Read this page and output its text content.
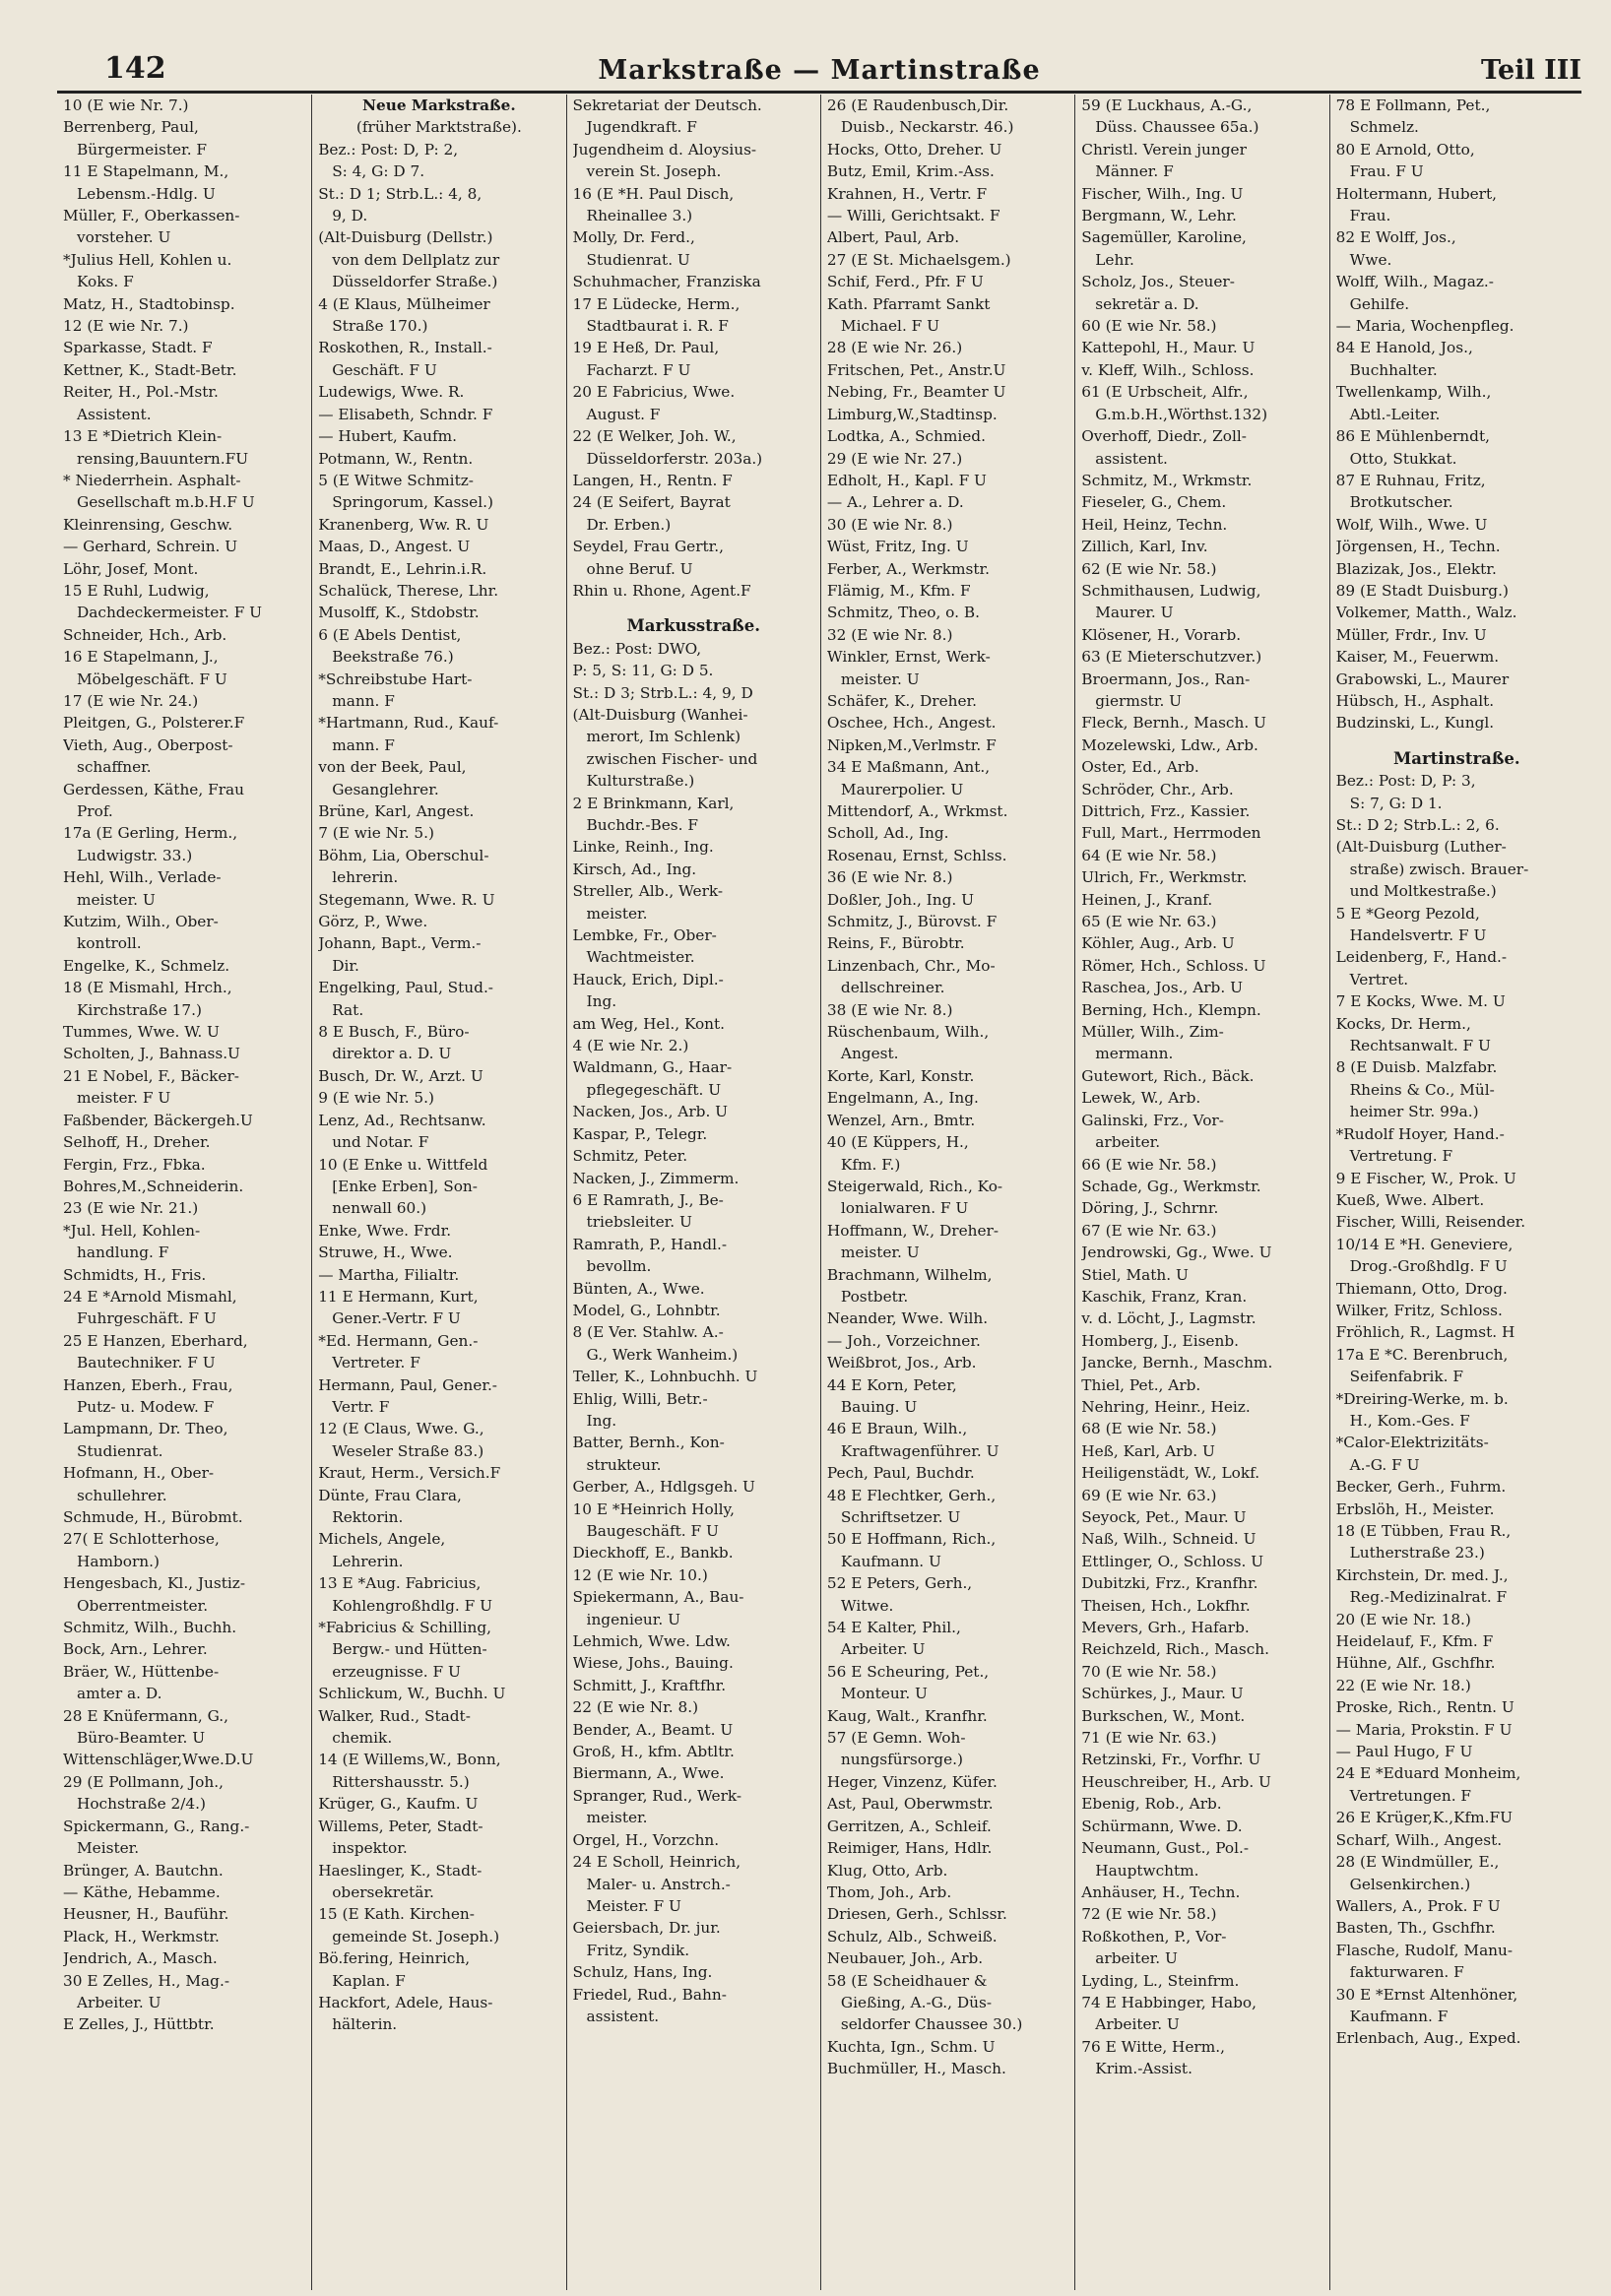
142	Markstraße — Martinstraße	Teil III
10 (E wie Nr. 7.)
Berrenberg, Paul,
Bürgermeister. F
11 E Stapelmann, M.,
Lebensm.-Hdlg. U
Müller, F., Oberkassen-
vorsteher. U
*Julius Hell, Kohlen u.
Koks. F
Matz, H., Stadtobinsp.
12 (E wie Nr. 7.)
Sparkasse, Stadt. F
Kettner, K., Stadt-Betr.
Reiter, H., Pol.-Mstr.
Assistent.
13 E *Dietrich Klein-
rensing,Bauuntern.FU
* Niederrhein. Asphalt-
Gesellschaft m.b.H.F U
Kleinrensing, Geschw.
— Gerhard, Schrein. U
Löhr, Josef, Mont.
15 E Ruhl, Ludwig,
Dachdeckermeister. F U
Schneider, Hch., Arb.
16 E Stapelmann, J.,
Möbelgeschäft. F U
17 (E wie Nr. 24.)
Pleitgen, G., Polsterer.F
Vieth, Aug., Oberpost-
schaffner.
Gerdessen, Käthe, Frau
Prof.
17a (E Gerling, Herm.,
Ludwigstr. 33.)
Hehl, Wilh., Verlade-
meister. U
Kutzim, Wilh., Ober-
kontroll.
Engelke, K., Schmelz.
18 (E Mismahl, Hrch.,
Kirchstraße 17.)
Tummes, Wwe. W. U
Scholten, J., Bahnass.U
21 E Nobel, F., Bäcker-
meister. F U
Faßbender, Bäckergeh.U
Selhoff, H., Dreher.
Fergin, Frz., Fbka.
Bohres,M.,Schneiderin.
23 (E wie Nr. 21.)
*Jul. Hell, Kohlen-
handlung. F
Schmidts, H., Fris.
24 E *Arnold Mismahl,
Fuhrgeschäft. F U
25 E Hanzen, Eberhard,
Bautechniker. F U
Hanzen, Eberh., Frau,
Putz- u. Modew. F
Lampmann, Dr. Theo,
Studienrat.
Hofmann, H., Ober-
schullehrer.
Schmude, H., Bürobmt.
27( E Schlotterhose,
Hamborn.)
Hengesbach, Kl., Justiz-
Oberrentmeister.
Schmitz, Wilh., Buchh.
Bock, Arn., Lehrer.
Bräer, W., Hüttenbe-
amter a. D.
28 E Knüfermann, G.,
Büro-Beamter. U
Wittenschläger,Wwe.D.U
29 (E Pollmann, Joh.,
Hochstraße 2/4.)
Spickermann, G., Rang.-
Meister.
Brünger, A. Bautchn.
— Käthe, Hebamme.
Heusner, H., Bauführ.
Plack, H., Werkmstr.
Jendrich, A., Masch.
30 E Zelles, H., Mag.-
Arbeiter. U
E Zelles, J., Hüttbtr.
Neue Markstraße.
(früher Marktstraße).
Bez.: Post: D, P: 2,
S: 4, G: D 7.
St.: D 1; Strb.L.: 4, 8,
9, D.
(Alt-Duisburg (Dellstr.)
von dem Dellplatz zur
Düsseldorfer Straße.)
4 (E Klaus, Mülheimer
Straße 170.)
Roskothen, R., Install.-
Geschäft. F U
Ludewigs, Wwe. R.
— Elisabeth, Schndr. F
— Hubert, Kaufm.
Potmann, W., Rentn.
5 (E Witwe Schmitz-
Springorum, Kassel.)
Kranenberg, Ww. R. U
Maas, D., Angest. U
Brandt, E., Lehrin.i.R.
Schalück, Therese, Lhr.
Musolff, K., Stdobstr.
6 (E Abels Dentist,
Beekstraße 76.)
*Schreibstube Hart-
mann. F
*Hartmann, Rud., Kauf-
mann. F
von der Beek, Paul,
Gesanglehrer.
Brüne, Karl, Angest.
7 (E wie Nr. 5.)
Böhm, Lia, Oberschul-
lehrerin.
Stegemann, Wwe. R. U
Görz, P., Wwe.
Johann, Bapt., Verm.-
Dir.
Engelking, Paul, Stud.-
Rat.
8 E Busch, F., Büro-
direktor a. D. U
Busch, Dr. W., Arzt. U
9 (E wie Nr. 5.)
Lenz, Ad., Rechtsanw.
und Notar. F
10 (E Enke u. Wittfeld
[Enke Erben], Son-
nenwall 60.)
Enke, Wwe. Frdr.
Struwe, H., Wwe.
— Martha, Filialtr.
11 E Hermann, Kurt,
Gener.-Vertr. F U
*Ed. Hermann, Gen.-
Vertreter. F
Hermann, Paul, Gener.-
Vertr. F
12 (E Claus, Wwe. G.,
Weseler Straße 83.)
Kraut, Herm., Versich.F
Dünte, Frau Clara,
Rektorin.
Michels, Angele,
Lehrerin.
13 E *Aug. Fabricius,
Kohlengroßhdlg. F U
*Fabricius & Schilling,
Bergw.- und Hütten-
erzeugnisse. F U
Schlickum, W., Buchh. U
Walker, Rud., Stadt-
chemik.
14 (E Willems,W., Bonn,
Rittershausstr. 5.)
Krüger, G., Kaufm. U
Willems, Peter, Stadt-
inspektor.
Haeslinger, K., Stadt-
obersekretär.
15 (E Kath. Kirchen-
gemeinde St. Joseph.)
Bö.fering, Heinrich,
Kaplan. F
Hackfort, Adele, Haus-
hälterin.
Sekretariat der Deutsch.
Jugendkraft. F
Jugendheim d. Aloysius-
verein St. Joseph.
16 (E *H. Paul Disch,
Rheinallee 3.)
Molly, Dr. Ferd.,
Studienrat. U
Schuhmacher, Franziska
17 E Lüdecke, Herm.,
Stadtbaurat i. R. F
19 E Heß, Dr. Paul,
Facharzt. F U
20 E Fabricius, Wwe.
August. F
22 (E Welker, Joh. W.,
Düsseldorferstr. 203a.)
Langen, H., Rentn. F
24 (E Seifert, Bayrat
Dr. Erben.)
Seydel, Frau Gertr.,
ohne Beruf. U
Rhin u. Rhone, Agent.F
Markusstraße.
Bez.: Post: DWO,
P: 5, S: 11, G: D 5.
St.: D 3; Strb.L.: 4, 9, D
(Alt-Duisburg (Wanhei-
merort, Im Schlenk)
zwischen Fischer- und
Kulturstraße.)
2 E Brinkmann, Karl,
Buchdr.-Bes. F
Linke, Reinh., Ing.
Kirsch, Ad., Ing.
Streller, Alb., Werk-
meister.
Lembke, Fr., Ober-
Wachtmeister.
Hauck, Erich, Dipl.-
Ing.
am Weg, Hel., Kont.
4 (E wie Nr. 2.)
Waldmann, G., Haar-
pflegegeschäft. U
Nacken, Jos., Arb. U
Kaspar, P., Telegr.
Schmitz, Peter.
Nacken, J., Zimmerm.
6 E Ramrath, J., Be-
triebsleiter. U
Ramrath, P., Handl.-
bevollm.
Bünten, A., Wwe.
Model, G., Lohnbtr.
8 (E Ver. Stahlw. A.-
G., Werk Wanheim.)
Teller, K., Lohnbuchh. U
Ehlig, Willi, Betr.-
Ing.
Batter, Bernh., Kon-
strukteur.
Gerber, A., Hdlgsgeh. U
10 E *Heinrich Holly,
Baugeschäft. F U
Dieckhoff, E., Bankb.
12 (E wie Nr. 10.)
Spiekermann, A., Bau-
ingenieur. U
Lehmich, Wwe. Ldw.
Wiese, Johs., Bauing.
Schmitt, J., Kraftfhr.
22 (E wie Nr. 8.)
Bender, A., Beamt. U
Groß, H., kfm. Abtltr.
Biermann, A., Wwe.
Spranger, Rud., Werk-
meister.
Orgel, H., Vorzchn.
24 E Scholl, Heinrich,
Maler- u. Anstrch.-
Meister. F U
Geiersbach, Dr. jur.
Fritz, Syndik.
Schulz, Hans, Ing.
Friedel, Rud., Bahn-
assistent.
26 (E Raudenbusch,Dir.
Duisb., Neckarstr. 46.)
Hocks, Otto, Dreher. U
Butz, Emil, Krim.-Ass.
Krahnen, H., Vertr. F
— Willi, Gerichtsakt. F
Albert, Paul, Arb.
27 (E St. Michaelsgem.)
Schif, Ferd., Pfr. F U
Kath. Pfarramt Sankt
Michael. F U
28 (E wie Nr. 26.)
Fritschen, Pet., Anstr.U
Nebing, Fr., Beamter U
Limburg,W.,Stadtinsp.
Lodtka, A., Schmied.
29 (E wie Nr. 27.)
Edholt, H., Kapl. F U
— A., Lehrer a. D.
30 (E wie Nr. 8.)
Wüst, Fritz, Ing. U
Ferber, A., Werkmstr.
Flämig, M., Kfm. F
Schmitz, Theo, o. B.
32 (E wie Nr. 8.)
Winkler, Ernst, Werk-
meister. U
Schäfer, K., Dreher.
Oschee, Hch., Angest.
Nipken,M.,Verlmstr. F
34 E Maßmann, Ant.,
Maurerpolier. U
Mittendorf, A., Wrkmst.
Scholl, Ad., Ing.
Rosenau, Ernst, Schlss.
36 (E wie Nr. 8.)
Doßler, Joh., Ing. U
Schmitz, J., Bürovst. F
Reins, F., Bürobtr.
Linzenbach, Chr., Mo-
dellschreiner.
38 (E wie Nr. 8.)
Rüschenbaum, Wilh.,
Angest.
Korte, Karl, Konstr.
Engelmann, A., Ing.
Wenzel, Arn., Bmtr.
40 (E Küppers, H.,
Kfm. F.)
Steigerwald, Rich., Ko-
lonialwaren. F U
Hoffmann, W., Dreher-
meister. U
Brachmann, Wilhelm,
Postbetr.
Neander, Wwe. Wilh.
— Joh., Vorzeichner.
Weißbrot, Jos., Arb.
44 E Korn, Peter,
Bauing. U
46 E Braun, Wilh.,
Kraftwagenführer. U
Pech, Paul, Buchdr.
48 E Flechtker, Gerh.,
Schriftsetzer. U
50 E Hoffmann, Rich.,
Kaufmann. U
52 E Peters, Gerh.,
Witwe.
54 E Kalter, Phil.,
Arbeiter. U
56 E Scheuring, Pet.,
Monteur. U
Kaug, Walt., Kranfhr.
57 (E Gemn. Woh-
nungsfürsorge.)
Heger, Vinzenz, Küfer.
Ast, Paul, Oberwmstr.
Gerritzen, A., Schleif.
Reimiger, Hans, Hdlr.
Klug, Otto, Arb.
Thom, Joh., Arb.
Driesen, Gerh., Schlssr.
Schulz, Alb., Schweiß.
Neubauer, Joh., Arb.
58 (E Scheidhauer &
Gießing, A.-G., Düs-
seldorfer Chaussee 30.)
Kuchta, Ign., Schm. U
Buchmüller, H., Masch.
59 (E Luckhaus, A.-G.,
Düss. Chaussee 65a.)
Christl. Verein junger
Männer. F
Fischer, Wilh., Ing. U
Bergmann, W., Lehr.
Sagemüller, Karoline,
Lehr.
Scholz, Jos., Steuer-
sekretär a. D.
60 (E wie Nr. 58.)
Kattepohl, H., Maur. U
v. Kleff, Wilh., Schloss.
61 (E Urbscheit, Alfr.,
G.m.b.H.,Wörthst.132)
Overhoff, Diedr., Zoll-
assistent.
Schmitz, M., Wrkmstr.
Fieseler, G., Chem.
Heil, Heinz, Techn.
Zillich, Karl, Inv.
62 (E wie Nr. 58.)
Schmithausen, Ludwig,
Maurer. U
Klösener, H., Vorarb.
63 (E Mieterschutzver.)
Broermann, Jos., Ran-
giermstr. U
Fleck, Bernh., Masch. U
Mozelewski, Ldw., Arb.
Oster, Ed., Arb.
Schröder, Chr., Arb.
Dittrich, Frz., Kassier.
Full, Mart., Herrmoden
64 (E wie Nr. 58.)
Ulrich, Fr., Werkmstr.
Heinen, J., Kranf.
65 (E wie Nr. 63.)
Köhler, Aug., Arb. U
Römer, Hch., Schloss. U
Raschea, Jos., Arb. U
Berning, Hch., Klempn.
Müller, Wilh., Zim-
mermann.
Gutewort, Rich., Bäck.
Lewek, W., Arb.
Galinski, Frz., Vor-
arbeiter.
66 (E wie Nr. 58.)
Schade, Gg., Werkmstr.
Döring, J., Schrnr.
67 (E wie Nr. 63.)
Jendrowski, Gg., Wwe. U
Stiel, Math. U
Kaschik, Franz, Kran.
v. d. Löcht, J., Lagmstr.
Homberg, J., Eisenb.
Jancke, Bernh., Maschm.
Thiel, Pet., Arb.
Nehring, Heinr., Heiz.
68 (E wie Nr. 58.)
Heß, Karl, Arb. U
Heiligenstädt, W., Lokf.
69 (E wie Nr. 63.)
Seyock, Pet., Maur. U
Naß, Wilh., Schneid. U
Ettlinger, O., Schloss. U
Dubitzki, Frz., Kranfhr.
Theisen, Hch., Lokfhr.
Mevers, Grh., Hafarb.
Reichzeld, Rich., Masch.
70 (E wie Nr. 58.)
Schürkes, J., Maur. U
Burkschen, W., Mont.
71 (E wie Nr. 63.)
Retzinski, Fr., Vorfhr. U
Heuschreiber, H., Arb. U
Ebenig, Rob., Arb.
Schürmann, Wwe. D.
Neumann, Gust., Pol.-
Hauptwchtm.
Anhäuser, H., Techn.
72 (E wie Nr. 58.)
Roßkothen, P., Vor-
arbeiter. U
Lyding, L., Steinfrm.
74 E Habbinger, Habo,
Arbeiter. U
76 E Witte, Herm.,
Krim.-Assist.
78 E Follmann, Pet.,
Schmelz.
80 E Arnold, Otto,
Frau. F U
Holtermann, Hubert,
Frau.
82 E Wolff, Jos.,
Wwe.
Wolff, Wilh., Magaz.-
Gehilfe.
— Maria, Wochenpfleg.
84 E Hanold, Jos.,
Buchhalter.
Twellenkamp, Wilh.,
Abtl.-Leiter.
86 E Mühlenberndt,
Otto, Stukkat.
87 E Ruhnau, Fritz,
Brotkutscher.
Wolf, Wilh., Wwe. U
Jörgensen, H., Techn.
Blazizak, Jos., Elektr.
89 (E Stadt Duisburg.)
Volkemer, Matth., Walz.
Müller, Frdr., Inv. U
Kaiser, M., Feuerwm.
Grabowski, L., Maurer
Hübsch, H., Asphalt.
Budzinski, L., Kungl.
Martinstraße.
Bez.: Post: D, P: 3,
S: 7, G: D 1.
St.: D 2; Strb.L.: 2, 6.
(Alt-Duisburg (Luther-
straße) zwisch. Brauer-
und Moltkestraße.)
5 E *Georg Pezold,
Handelsvertr. F U
Leidenberg, F., Hand.-
Vertret.
7 E Kocks, Wwe. M. U
Kocks, Dr. Herm.,
Rechtsanwalt. F U
8 (E Duisb. Malzfabr.
Rheins & Co., Mül-
heimer Str. 99a.)
*Rudolf Hoyer, Hand.-
Vertretung. F
9 E Fischer, W., Prok. U
Kueß, Wwe. Albert.
Fischer, Willi, Reisender.
10/14 E *H. Geneviere,
Drog.-Großhdlg. F U
Thiemann, Otto, Drog.
Wilker, Fritz, Schloss.
Fröhlich, R., Lagmst. H
17a E *C. Berenbruch,
Seifenfabrik. F
*Dreiring-Werke, m. b.
H., Kom.-Ges. F
*Calor-Elektrizitäts-
A.-G. F U
Becker, Gerh., Fuhrm.
Erbslöh, H., Meister.
18 (E Tübben, Frau R.,
Lutherstraße 23.)
Kirchstein, Dr. med. J.,
Reg.-Medizinalrat. F
20 (E wie Nr. 18.)
Heidelauf, F., Kfm. F
Hühne, Alf., Gschfhr.
22 (E wie Nr. 18.)
Proske, Rich., Rentn. U
— Maria, Prokstin. F U
— Paul Hugo, F U
24 E *Eduard Monheim,
Vertretungen. F
26 E Krüger,K.,Kfm.FU
Scharf, Wilh., Angest.
28 (E Windmüller, E.,
Gelsenkirchen.)
Wallers, A., Prok. F U
Basten, Th., Gschfhr.
Flasche, Rudolf, Manu-
fakturwaren. F
30 E *Ernst Altenhöner,
Kaufmann. F
Erlenbach, Aug., Exped.
